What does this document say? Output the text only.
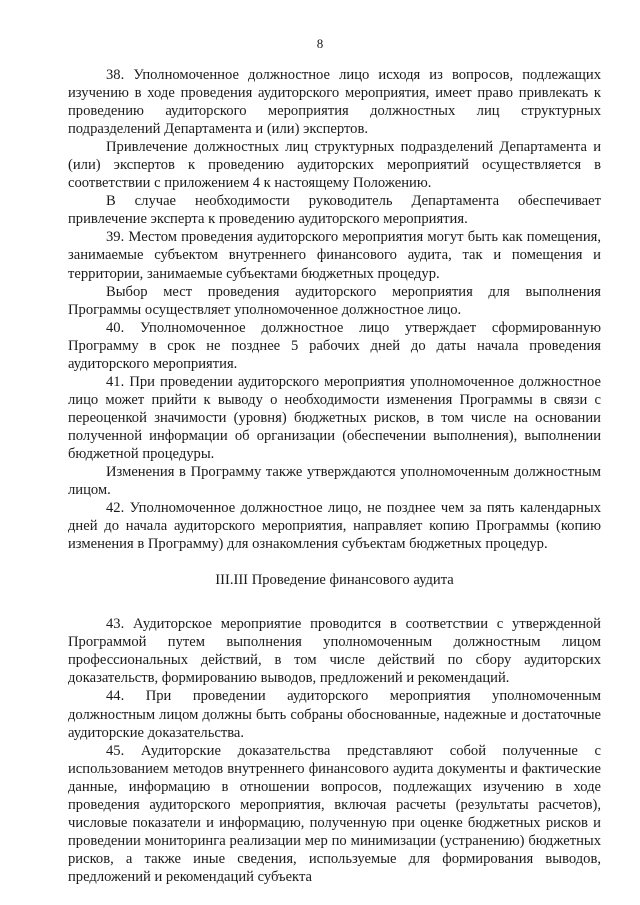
8

38. Уполномоченное должностное лицо исходя из вопросов, подлежащих изучению в ходе проведения аудиторского мероприятия, имеет право привлекать к проведению аудиторского мероприятия должностных лиц структурных подразделений Департамента и (или) экспертов.

Привлечение должностных лиц структурных подразделений Департамента и (или) экспертов к проведению аудиторских мероприятий осуществляется в соответствии с приложением 4 к настоящему Положению.

В случае необходимости руководитель Департамента обеспечивает привлечение эксперта к проведению аудиторского мероприятия.

39. Местом проведения аудиторского мероприятия могут быть как помещения, занимаемые субъектом внутреннего финансового аудита, так и помещения и территории, занимаемые субъектами бюджетных процедур.

Выбор мест проведения аудиторского мероприятия для выполнения Программы осуществляет уполномоченное должностное лицо.

40. Уполномоченное должностное лицо утверждает сформированную Программу в срок не позднее 5 рабочих дней до даты начала проведения аудиторского мероприятия.

41. При проведении аудиторского мероприятия уполномоченное должностное лицо может прийти к выводу о необходимости изменения Программы в связи с переоценкой значимости (уровня) бюджетных рисков, в том числе на основании полученной информации об организации (обеспечении выполнения), выполнении бюджетной процедуры.

Изменения в Программу также утверждаются уполномоченным должностным лицом.

42. Уполномоченное должностное лицо, не позднее чем за пять календарных дней до начала аудиторского мероприятия, направляет копию Программы (копию изменения в Программу) для ознакомления субъектам бюджетных процедур.

III.III Проведение финансового аудита

43. Аудиторское мероприятие проводится в соответствии с утвержденной Программой путем выполнения уполномоченным должностным лицом профессиональных действий, в том числе действий по сбору аудиторских доказательств, формированию выводов, предложений и рекомендаций.

44. При проведении аудиторского мероприятия уполномоченным должностным лицом должны быть собраны обоснованные, надежные и достаточные аудиторские доказательства.

45. Аудиторские доказательства представляют собой полученные с использованием методов внутреннего финансового аудита документы и фактические данные, информацию в отношении вопросов, подлежащих изучению в ходе проведения аудиторского мероприятия, включая расчеты (результаты расчетов), числовые показатели и информацию, полученную при оценке бюджетных рисков и проведении мониторинга реализации мер по минимизации (устранению) бюджетных рисков, а также иные сведения, используемые для формирования выводов, предложений и рекомендаций субъекта
